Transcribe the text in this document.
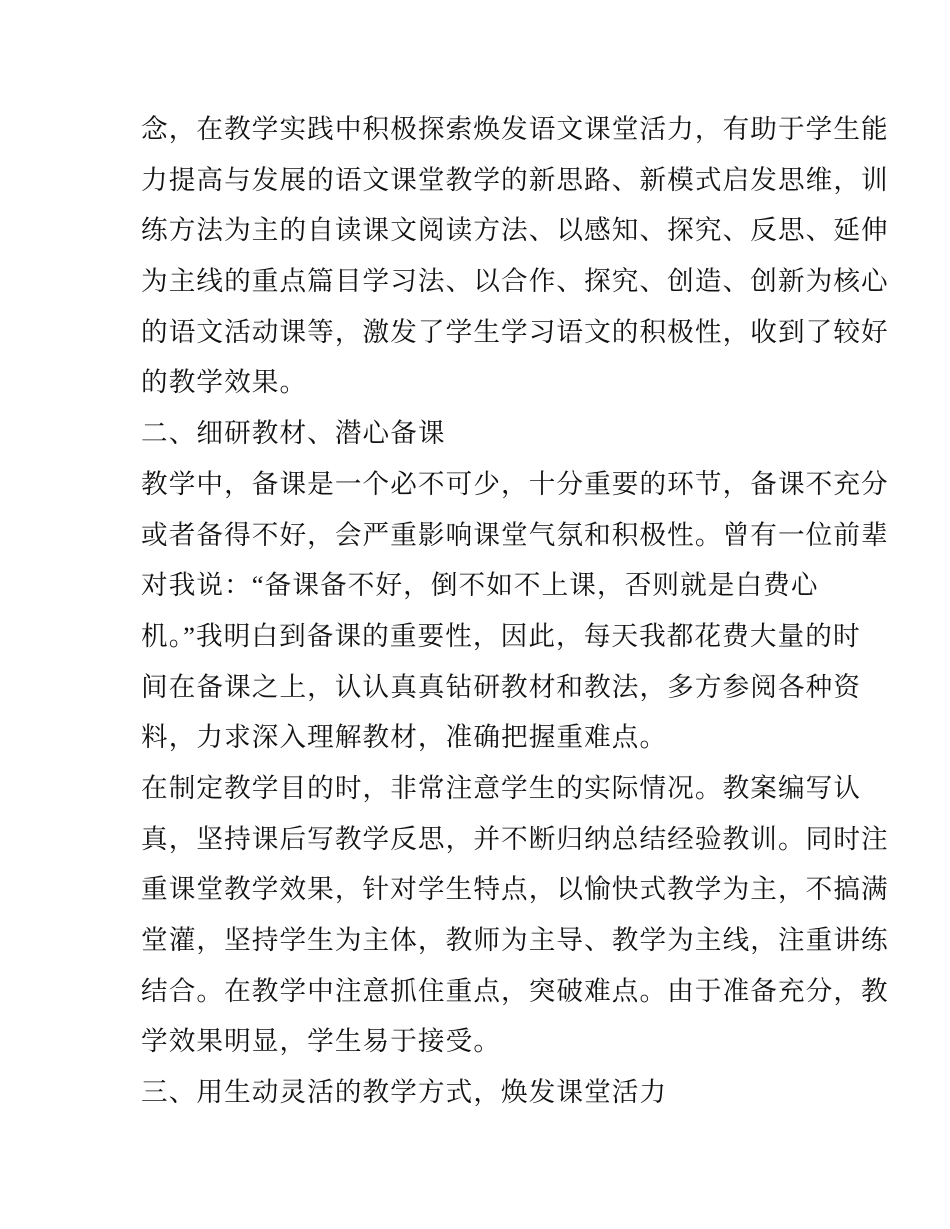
念，在教学实践中积极探索焕发语文课堂活力，有助于学生能
力提高与发展的语文课堂教学的新思路、新模式启发思维，训
练方法为主的自读课文阅读方法、以感知、探究、反思、延伸
为主线的重点篇目学习法、以合作、探究、创造、创新为核心
的语文活动课等，激发了学生学习语文的积极性，收到了较好
的教学效果。
二、细研教材、潜心备课
教学中，备课是一个必不可少，十分重要的环节，备课不充分
或者备得不好，会严重影响课堂气氛和积极性。曾有一位前辈
对我说：“备课备不好，倒不如不上课，否则就是白费心
机。”我明白到备课的重要性，因此，每天我都花费大量的时
间在备课之上，认认真真钻研教材和教法，多方参阅各种资
料，力求深入理解教材，准确把握重难点。
在制定教学目的时，非常注意学生的实际情况。教案编写认
真，坚持课后写教学反思，并不断归纳总结经验教训。同时注
重课堂教学效果，针对学生特点，以愉快式教学为主，不搞满
堂灌，坚持学生为主体，教师为主导、教学为主线，注重讲练
结合。在教学中注意抓住重点，突破难点。由于准备充分，教
学效果明显，学生易于接受。
三、用生动灵活的教学方式，焕发课堂活力
